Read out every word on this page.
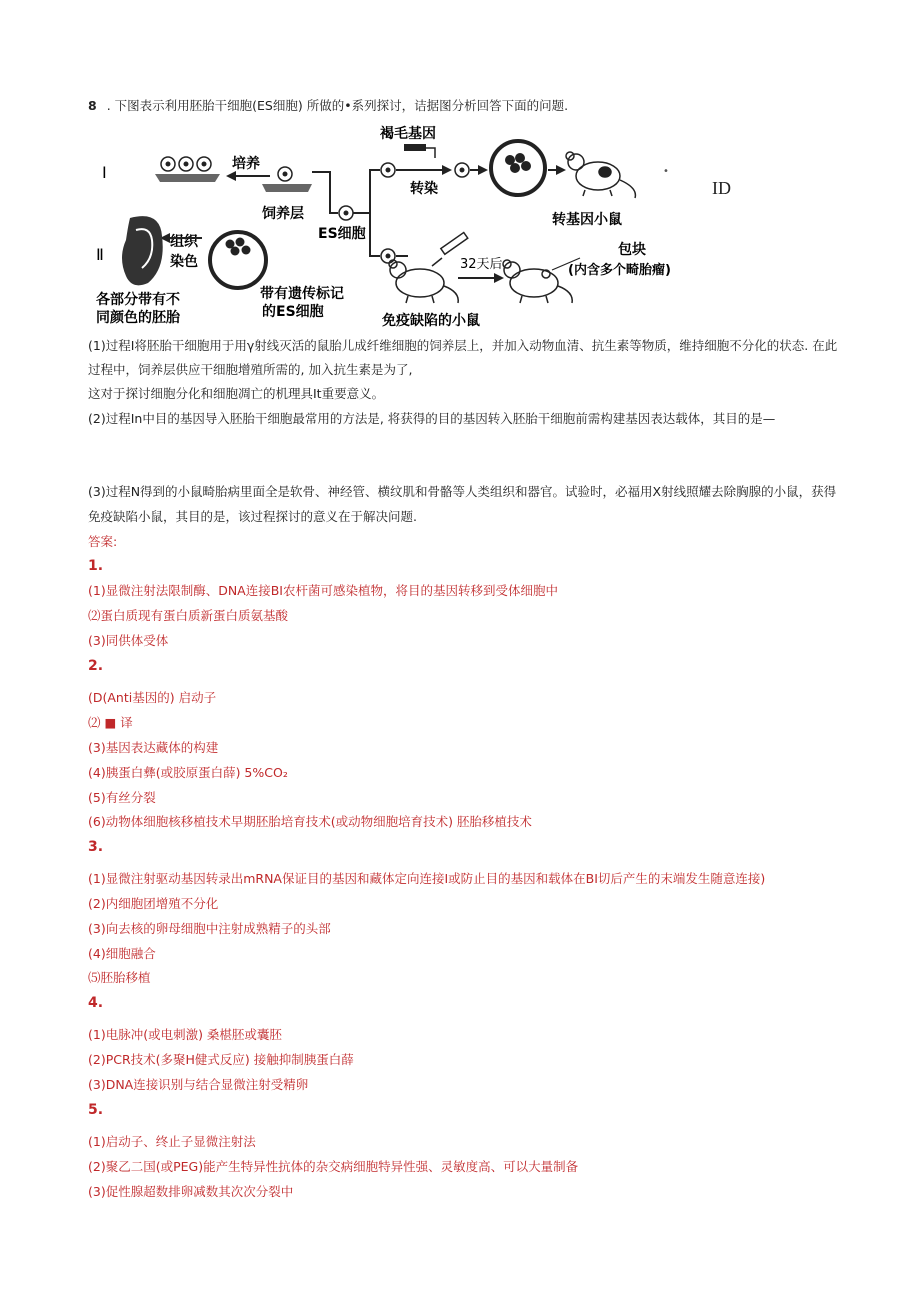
8 . 下图表示利用胚胎干细胞(ES细胞) 所做的•系列探讨，诘据图分析回答下面的问题.
I
Ⅱ
培养
饲养层
ES细胞
褐毛基因
转染
转基因小鼠
免疫缺陷的小鼠
32天后
包块
(内含多个畸胎瘤)
带有遗传标记
的ES细胞
组织
染色
各部分带有不
同颜色的胚胎
•
ID
(1)过程I将胚胎干细胞用于用γ射线灭活的鼠胎儿成纤维细胞的饲养层上，并加入动物血清、抗生素等物质，维持细胞不分化的状态. 在此
过程中，饲养层供应干细胞增殖所需的, 加入抗生素是为了,
这对于探讨细胞分化和细胞凋亡的机理具It重要意义。
(2)过程In中目的基因导入胚胎干细胞最常用的方法是, 将获得的目的基因转入胚胎干细胞前需构建基因表达载体，其目的是—
(3)过程N得到的小鼠畸胎病里面全是软骨、神经管、横纹肌和骨骼等人类组织和器官。试验时，必福用X射线照耀去除胸腺的小鼠，获得
免疫缺陷小鼠，其目的是，该过程探讨的意义在于解决问题.
答案:
1.
(1)显微注射法限制酶、DNA连接BI农杆菌可感染植物，将目的基因转移到受体细胞中
⑵蛋白质现有蛋白质新蛋白质氨基酸
(3)同供体受体
2.
(D(Anti基因的) 启动子
⑵ ■ 译
(3)基因表达藏体的构建
(4)胰蛋白彝(或胶原蛋白薛) 5%CO₂
(5)有丝分裂
(6)动物体细胞核移植技术早期胚胎培育技术(或动物细胞培育技术) 胚胎移植技术
3.
(1)显微注射驱动基因转录出mRNA保证目的基因和藏体定向连接I或防止目的基因和载体在BI切后产生的末端发生随意连接)
(2)内细胞团增殖不分化
(3)向去核的卵母细胞中注射成熟精子的头部
(4)细胞融合
⑸胚胎移植
4.
(1)电脉冲(或电刺激) 桑椹胚或囊胚
(2)PCR技术(多聚H健式反应) 接触抑制胰蛋白薛
(3)DNA连接识别与结合显微注射受精卵
5.
(1)启动子、终止子显微注射法
(2)聚乙二国(或PEG)能产生特异性抗体的杂交病细胞特异性强、灵敏度高、可以大量制备
(3)促性腺超数排卵减数其次次分裂中
